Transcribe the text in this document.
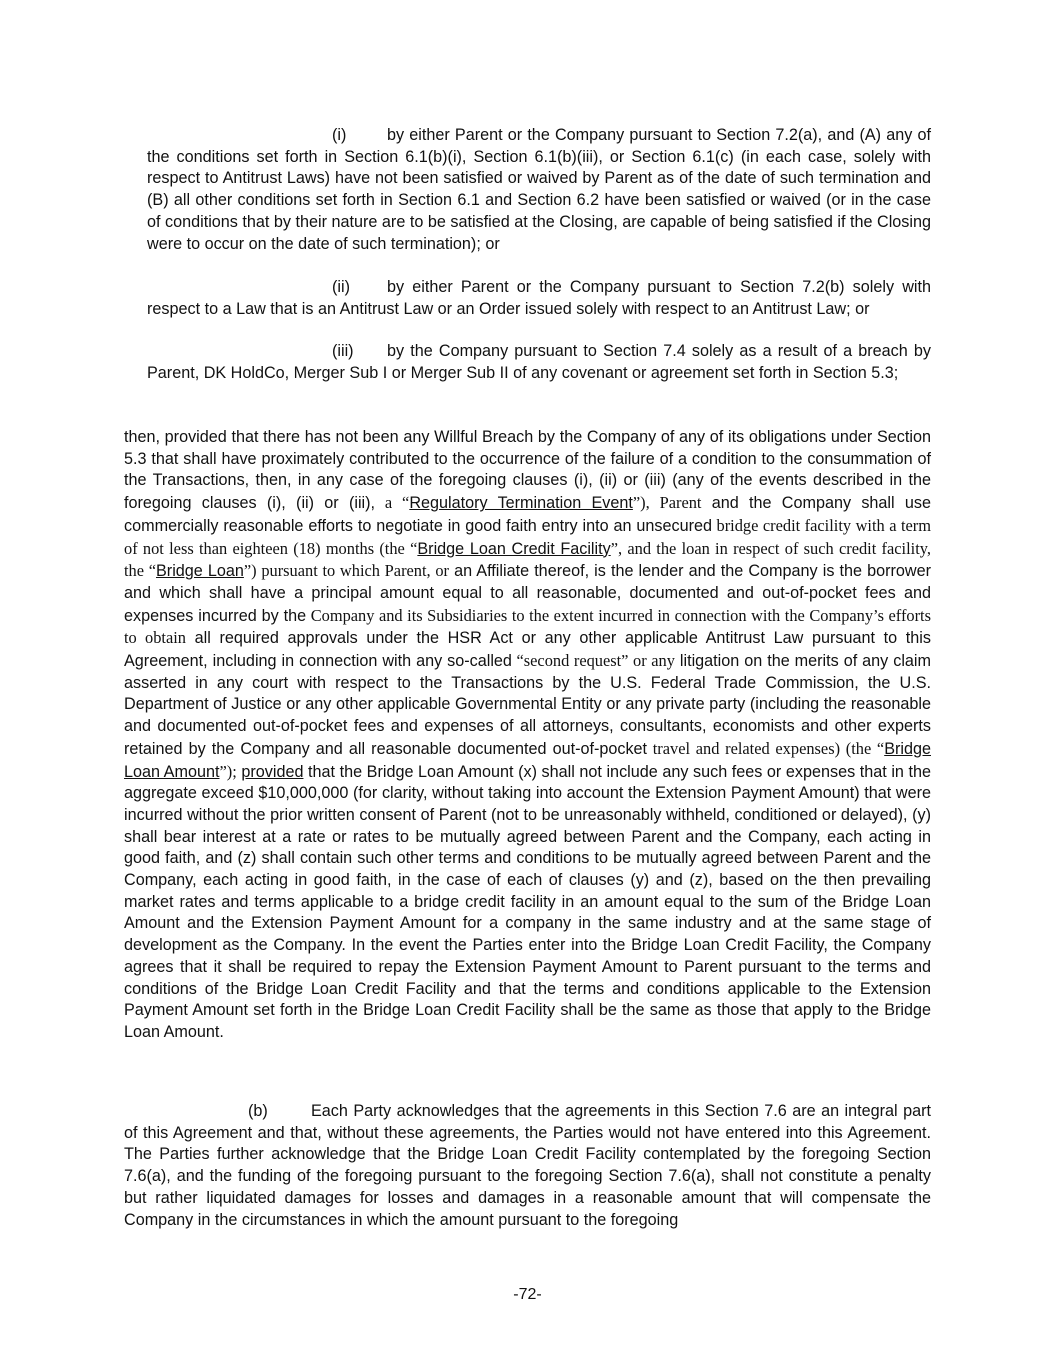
(i)	by either Parent or the Company pursuant to Section 7.2(a), and (A) any of the conditions set forth in Section 6.1(b)(i), Section 6.1(b)(iii), or Section 6.1(c) (in each case, solely with respect to Antitrust Laws) have not been satisfied or waived by Parent as of the date of such termination and (B) all other conditions set forth in Section 6.1 and Section 6.2 have been satisfied or waived (or in the case of conditions that by their nature are to be satisfied at the Closing, are capable of being satisfied if the Closing were to occur on the date of such termination); or

(ii) by either Parent or the Company pursuant to Section 7.2(b) solely with respect to a Law that is an Antitrust Law or an Order issued solely with respect to an Antitrust Law; or

(iii) by the Company pursuant to Section 7.4 solely as a result of a breach by Parent, DK HoldCo, Merger Sub I or Merger Sub II of any covenant or agreement set forth in Section 5.3;

then, provided that there has not been any Willful Breach by the Company of any of its obligations under Section 5.3 that shall have proximately contributed to the occurrence of the failure of a condition to the consummation of the Transactions, then, in any case of the foregoing clauses (i), (ii) or (iii) (any of the events described in the foregoing clauses (i), (ii) or (iii), a “Regulatory Termination Event”), Parent and the Company shall use commercially reasonable efforts to negotiate in good faith entry into an unsecured bridge credit facility with a term of not less than eighteen (18) months (the “Bridge Loan Credit Facility”, and the loan in respect of such credit facility, the “Bridge Loan”) pursuant to which Parent, or an Affiliate thereof, is the lender and the Company is the borrower and which shall have a principal amount equal to all reasonable, documented and out-of-pocket fees and expenses incurred by the Company and its Subsidiaries to the extent incurred in connection with the Company’s efforts to obtain all required approvals under the HSR Act or any other applicable Antitrust Law pursuant to this Agreement, including in connection with any so-called “second request” or any litigation on the merits of any claim asserted in any court with respect to the Transactions by the U.S. Federal Trade Commission, the U.S. Department of Justice or any other applicable Governmental Entity or any private party (including the reasonable and documented out-of-pocket fees and expenses of all attorneys, consultants, economists and other experts retained by the Company and all reasonable documented out-of-pocket travel and related expenses) (the “Bridge Loan Amount”); provided that the Bridge Loan Amount (x) shall not include any such fees or expenses that in the aggregate exceed $10,000,000 (for clarity, without taking into account the Extension Payment Amount) that were incurred without the prior written consent of Parent (not to be unreasonably withheld, conditioned or delayed), (y) shall bear interest at a rate or rates to be mutually agreed between Parent and the Company, each acting in good faith, and (z) shall contain such other terms and conditions to be mutually agreed between Parent and the Company, each acting in good faith, in the case of each of clauses (y) and (z), based on the then prevailing market rates and terms applicable to a bridge credit facility in an amount equal to the sum of the Bridge Loan Amount and the Extension Payment Amount for a company in the same industry and at the same stage of development as the Company. In the event the Parties enter into the Bridge Loan Credit Facility, the Company agrees that it shall be required to repay the Extension Payment Amount to Parent pursuant to the terms and conditions of the Bridge Loan Credit Facility and that the terms and conditions applicable to the Extension Payment Amount set forth in the Bridge Loan Credit Facility shall be the same as those that apply to the Bridge Loan Amount.

(b)	Each Party acknowledges that the agreements in this Section 7.6 are an integral part of this Agreement and that, without these agreements, the Parties would not have entered into this Agreement. The Parties further acknowledge that the Bridge Loan Credit Facility contemplated by the foregoing Section 7.6(a), and the funding of the foregoing pursuant to the foregoing Section 7.6(a), shall not constitute a penalty but rather liquidated damages for losses and damages in a reasonable amount that will compensate the Company in the circumstances in which the amount pursuant to the foregoing

-72-
